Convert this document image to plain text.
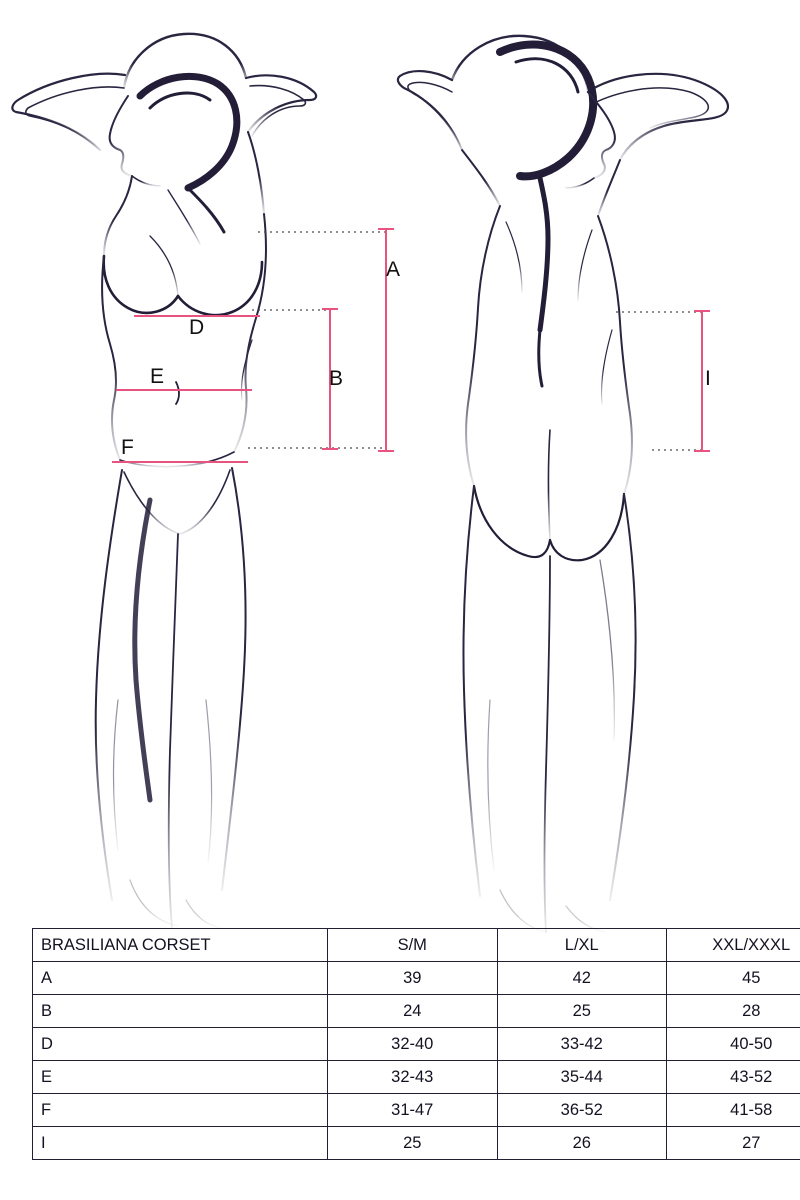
A
B
D
E
F
I
BRASILIANA CORSET	S/M	L/XL	XXL/XXXL
A	39	42	45
B	24	25	28
D	32-40	33-42	40-50
E	32-43	35-44	43-52
F	31-47	36-52	41-58
I	25	26	27
